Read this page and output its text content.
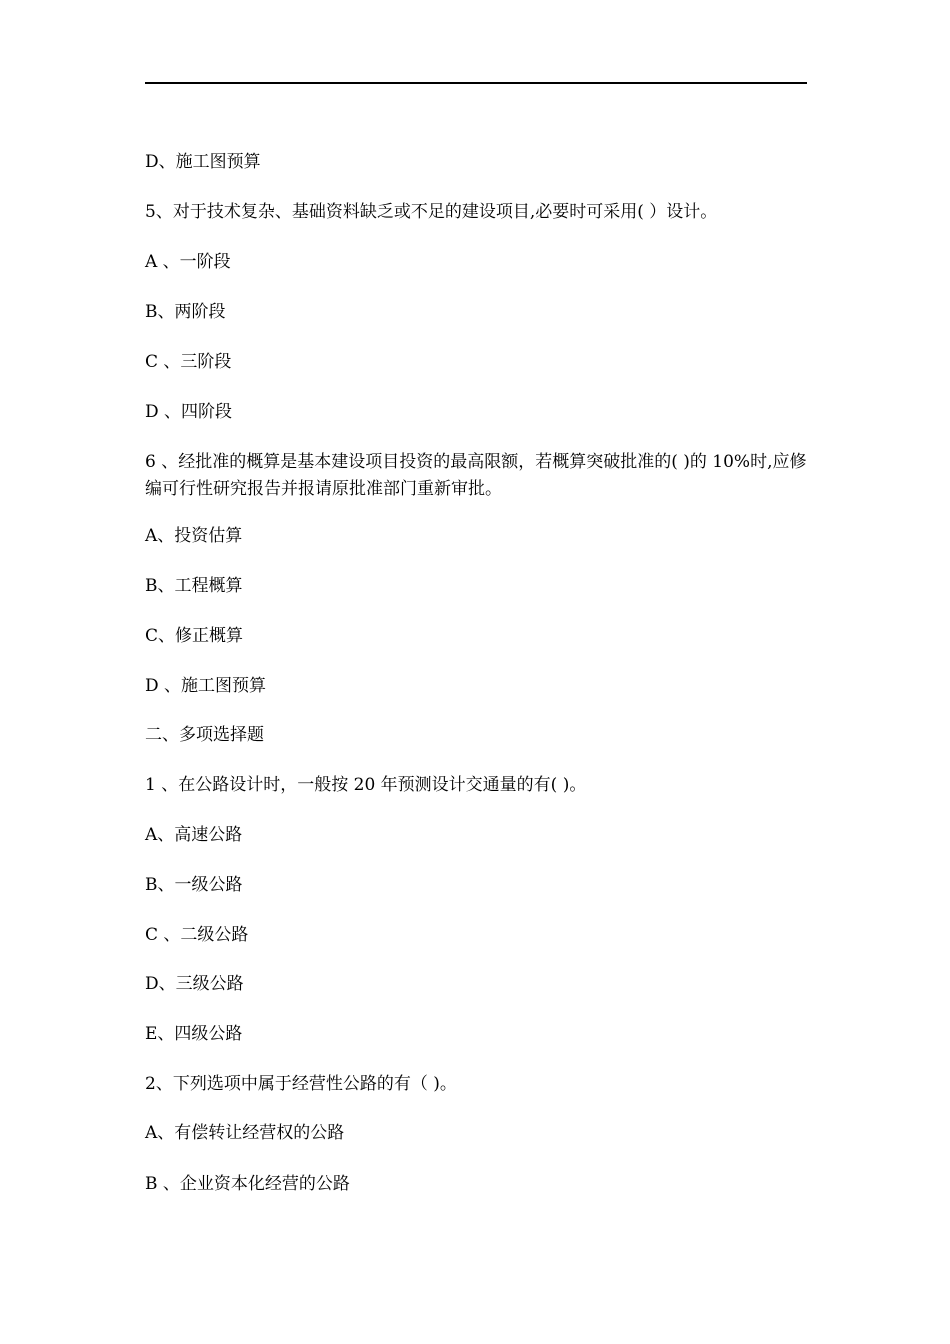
D、施工图预算
5、对于技术复杂、基础资料缺乏或不足的建设项目,必要时可采用( ）设计。
A 、一阶段
B、两阶段
C 、三阶段
D 、四阶段
6 、经批准的概算是基本建设项目投资的最高限额，若概算突破批准的( )的 10%时,应修编可行性研究报告并报请原批准部门重新审批。
A、投资估算
B、工程概算
C、修正概算
D 、施工图预算
二、多项选择题
1 、在公路设计时，一般按 20 年预测设计交通量的有( )。
A、高速公路
B、一级公路
C 、二级公路
D、三级公路
E、四级公路
2、下列选项中属于经营性公路的有（ )。
A、有偿转让经营权的公路
B 、企业资本化经营的公路
